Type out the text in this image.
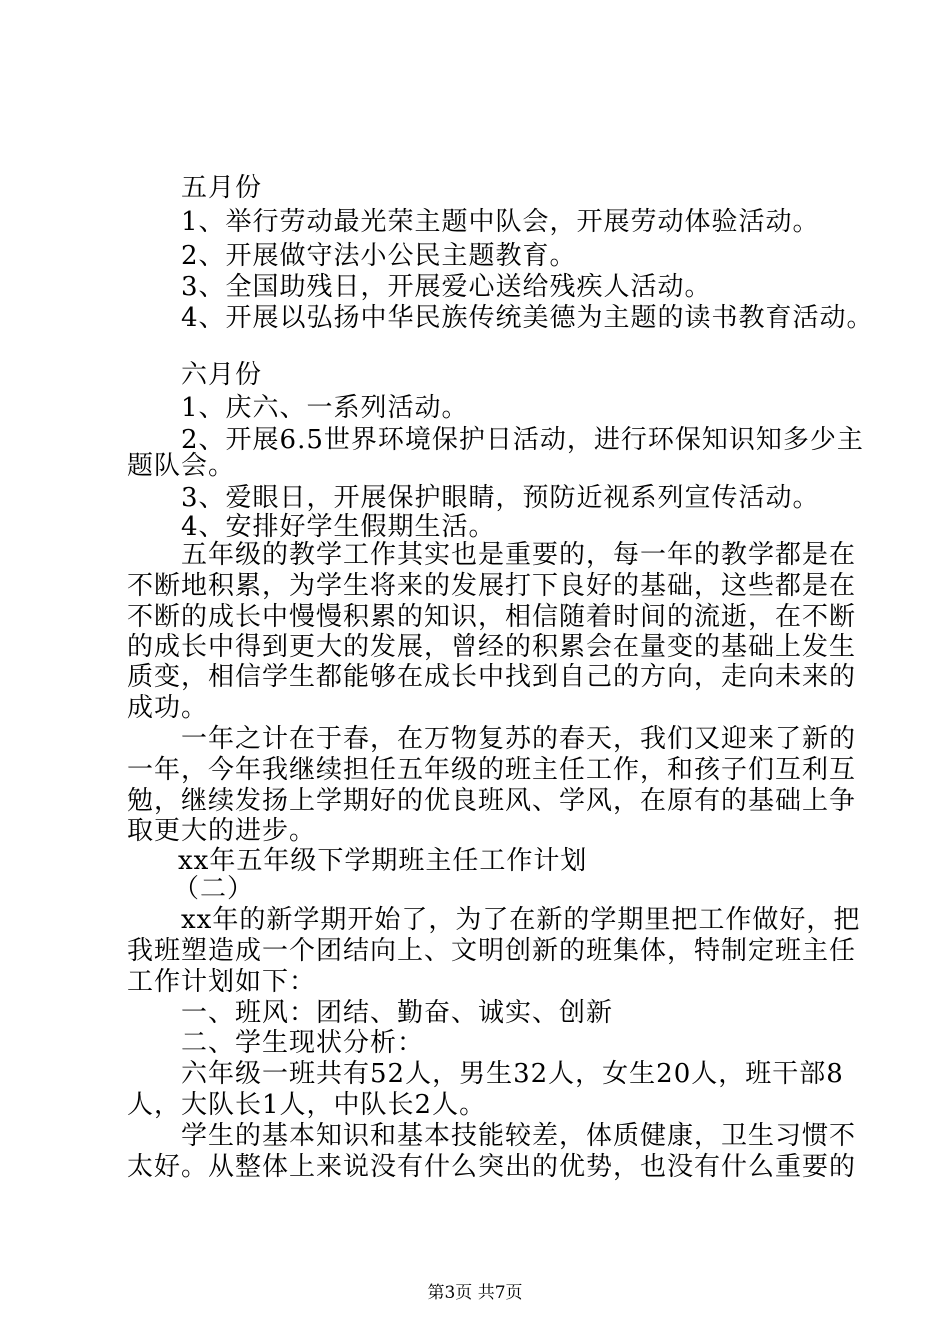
五月份
1、举行劳动最光荣主题中队会，开展劳动体验活动。
2、开展做守法小公民主题教育。
3、全国助残日，开展爱心送给残疾人活动。
4、开展以弘扬中华民族传统美德为主题的读书教育活动。
六月份
1、庆六、一系列活动。
2、开展6.5世界环境保护日活动，进行环保知识知多少主
题队会。
3、爱眼日，开展保护眼睛，预防近视系列宣传活动。
4、安排好学生假期生活。
五年级的教学工作其实也是重要的，每一年的教学都是在
不断地积累，为学生将来的发展打下良好的基础，这些都是在
不断的成长中慢慢积累的知识，相信随着时间的流逝，在不断
的成长中得到更大的发展，曾经的积累会在量变的基础上发生
质变，相信学生都能够在成长中找到自己的方向，走向未来的
成功。
一年之计在于春，在万物复苏的春天，我们又迎来了新的
一年，今年我继续担任五年级的班主任工作，和孩子们互利互
勉，继续发扬上学期好的优良班风、学风，在原有的基础上争
取更大的进步。
xx年五年级下学期班主任工作计划
（二）
xx年的新学期开始了，为了在新的学期里把工作做好，把
我班塑造成一个团结向上、文明创新的班集体，特制定班主任
工作计划如下：
一、班风：团结、勤奋、诚实、创新
二、学生现状分析：
六年级一班共有52人，男生32人，女生20人，班干部8
人，大队长1人，中队长2人。
学生的基本知识和基本技能较差，体质健康，卫生习惯不
太好。从整体上来说没有什么突出的优势，也没有什么重要的
第3页 共7页
